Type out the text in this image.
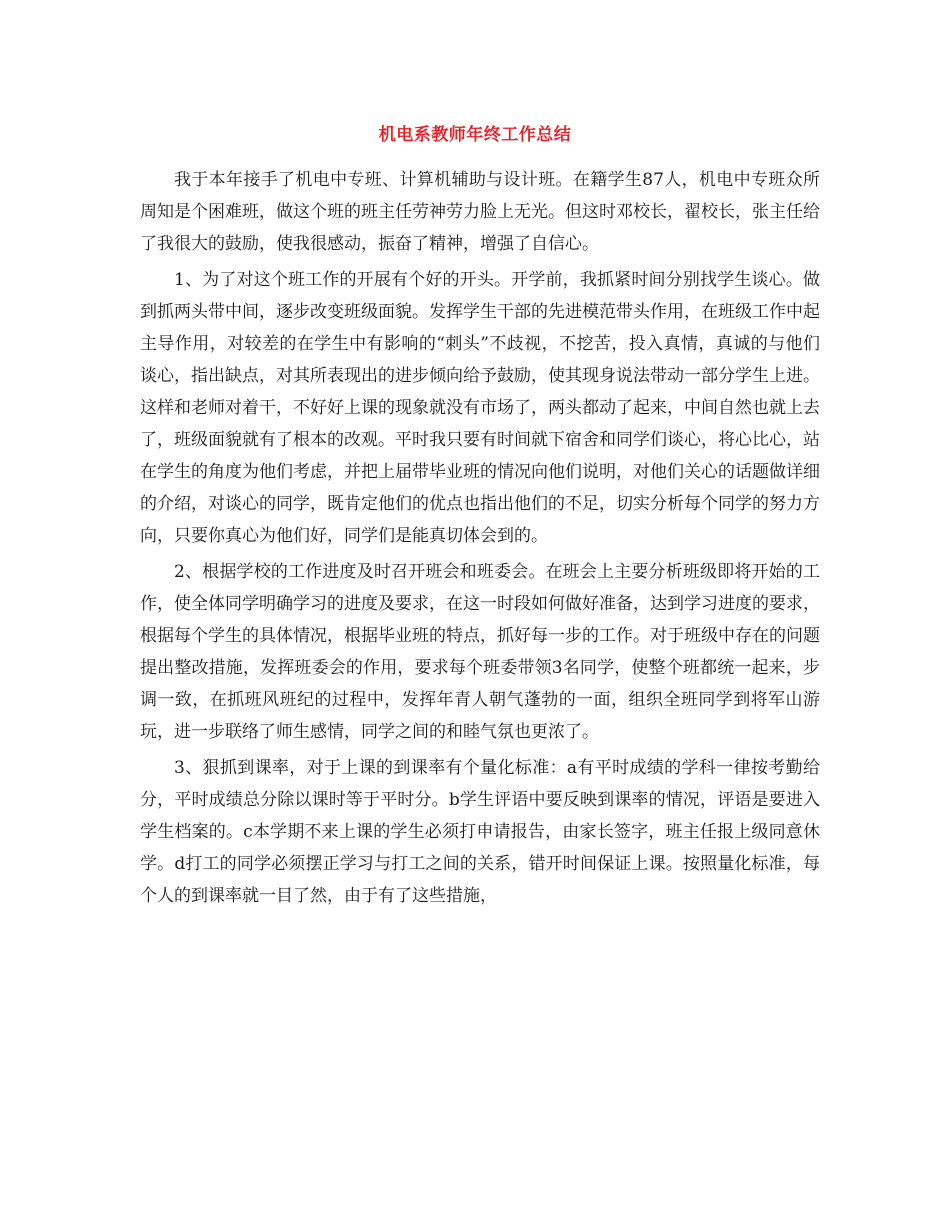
机电系教师年终工作总结

我于本年接手了机电中专班、计算机辅助与设计班。在籍学生87人，机电中专班众所周知是个困难班，做这个班的班主任劳神劳力脸上无光。但这时邓校长，翟校长，张主任给了我很大的鼓励，使我很感动，振奋了精神，增强了自信心。

1、为了对这个班工作的开展有个好的开头。开学前，我抓紧时间分别找学生谈心。做到抓两头带中间，逐步改变班级面貌。发挥学生干部的先进模范带头作用，在班级工作中起主导作用，对较差的在学生中有影响的“刺头”不歧视，不挖苦，投入真情，真诚的与他们谈心，指出缺点，对其所表现出的进步倾向给予鼓励，使其现身说法带动一部分学生上进。这样和老师对着干，不好好上课的现象就没有市场了，两头都动了起来，中间自然也就上去了，班级面貌就有了根本的改观。平时我只要有时间就下宿舍和同学们谈心，将心比心，站在学生的角度为他们考虑，并把上届带毕业班的情况向他们说明，对他们关心的话题做详细的介绍，对谈心的同学，既肯定他们的优点也指出他们的不足，切实分析每个同学的努力方向，只要你真心为他们好，同学们是能真切体会到的。

2、根据学校的工作进度及时召开班会和班委会。在班会上主要分析班级即将开始的工作，使全体同学明确学习的进度及要求，在这一时段如何做好准备，达到学习进度的要求，根据每个学生的具体情况，根据毕业班的特点，抓好每一步的工作。对于班级中存在的问题提出整改措施，发挥班委会的作用，要求每个班委带领3名同学，使整个班都统一起来，步调一致，在抓班风班纪的过程中，发挥年青人朝气蓬勃的一面，组织全班同学到将军山游玩，进一步联络了师生感情，同学之间的和睦气氛也更浓了。

3、狠抓到课率，对于上课的到课率有个量化标准：a有平时成绩的学科一律按考勤给分，平时成绩总分除以课时等于平时分。b学生评语中要反映到课率的情况，评语是要进入学生档案的。c本学期不来上课的学生必须打申请报告，由家长签字，班主任报上级同意休学。d打工的同学必须摆正学习与打工之间的关系，错开时间保证上课。按照量化标准，每个人的到课率就一目了然，由于有了这些措施，
